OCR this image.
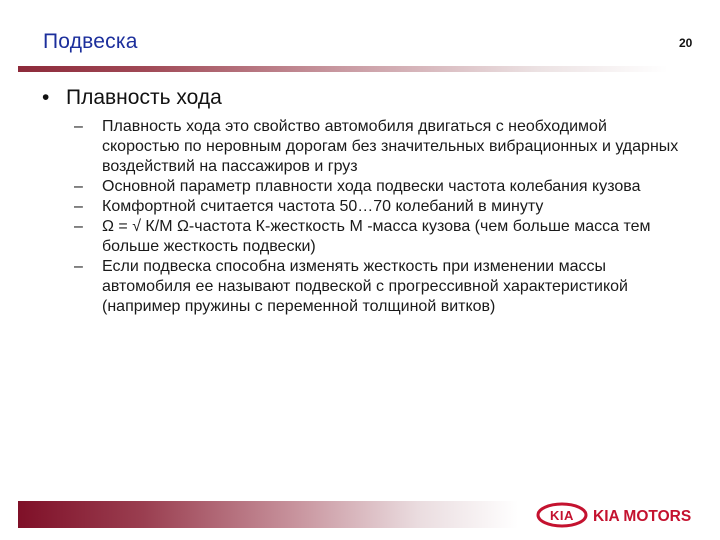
Подвеска	20
• Плавность хода
– Плавность хода это свойство автомобиля двигаться с необходимой скоростью по неровным дорогам без значительных вибрационных и ударных воздействий на пассажиров и груз
– Основной параметр плавности хода подвески частота колебания кузова
– Комфортной считается частота 50…70 колебаний в минуту
– Ω = √ К/М Ω-частота К-жесткость М -масса кузова (чем больше масса тем больше жесткость подвески)
– Если подвеска способна изменять жесткость при изменении массы автомобиля ее называют подвеской с прогрессивной характеристикой (например пружины с переменной толщиной витков)
KIA KIA MOTORS
